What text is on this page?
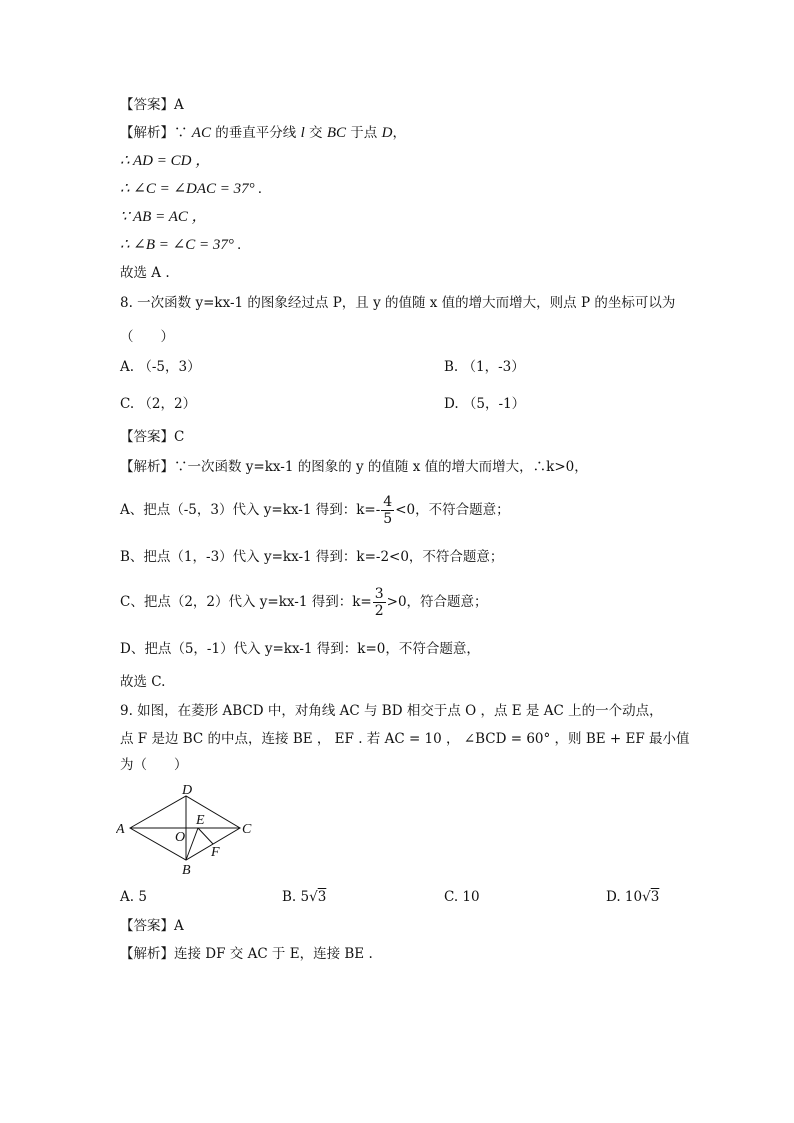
【答案】A
【解析】∵ AC 的垂直平分线 l 交 BC 于点 D，
∴ AD = CD ，
∴ ∠C = ∠DAC = 37° .
∵ AB = AC ，
∴ ∠B = ∠C = 37° .
故选 A .
8. 一次函数 y=kx-1 的图象经过点 P，且 y 的值随 x 值的增大而增大，则点 P 的坐标可以为
（　　）
A. （-5，3）	B. （1，-3）
C. （2，2）	D. （5，-1）
【答案】C
【解析】∵一次函数 y=kx-1 的图象的 y 的值随 x 值的增大而增大，∴k>0，
A、把点（-5，3）代入 y=kx-1 得到：$k=- \frac{4}{5} <0$，不符合题意；
B、把点（1，-3）代入 y=kx-1 得到：k=-2<0，不符合题意；
C、把点（2，2）代入 y=kx-1 得到：$k= \frac{3}{2} >0$，符合题意；
D、把点（5，-1）代入 y=kx-1 得到：k=0，不符合题意，
故选 C.
9. 如图，在菱形 ABCD 中，对角线 AC 与 BD 相交于点 O ，点 E 是 AC 上的一个动点，
点 F 是边 BC 的中点，连接 BE ， EF . 若 AC = 10 ， ∠BCD = 60° ，则 BE + EF 最小值
为（　　）
A
B
C
D
O
E
F
A. 5	B. 5√3	C. 10	D. 10√3
【答案】A
【解析】连接 DF 交 AC 于 E，连接 BE .
